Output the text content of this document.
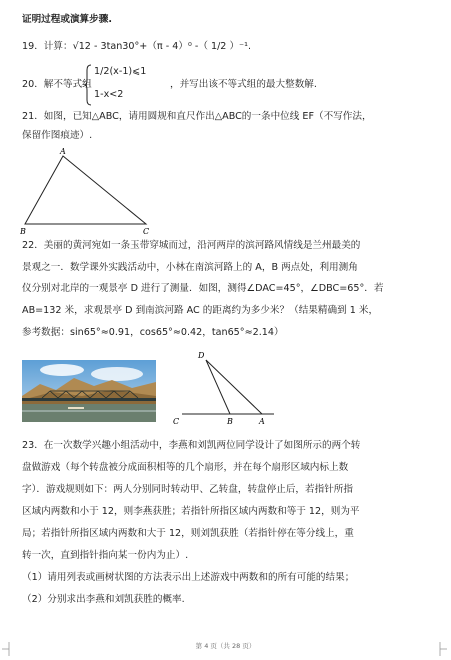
证明过程或演算步骤.
19．计算：√12 - 3tan30°+（π - 4）⁰ -（ 1/2 ）⁻¹.
20．解不等式组
1/2(x-1)⩽1
1-x<2
，并写出该不等式组的最大整数解.
21．如图，已知△ABC，请用圆规和直尺作出△ABC的一条中位线 EF（不写作法，
保留作图痕迹）.
A
B	C
22．美丽的黄河宛如一条玉带穿城而过，沿河两岸的滨河路风情线是兰州最美的
景观之一．数学课外实践活动中，小林在南滨河路上的 A，B 两点处，利用测角
仪分别对北岸的一观景亭 D 进行了测量．如图，测得∠DAC=45°，∠DBC=65°．若
AB=132 米，求观景亭 D 到南滨河路 AC 的距离约为多少米？（结果精确到 1 米，
参考数据：sin65°≈0.91，cos65°≈0.42，tan65°≈2.14）
D
C	B	A
23．在一次数学兴趣小组活动中，李燕和刘凯两位同学设计了如图所示的两个转
盘做游戏（每个转盘被分成面积相等的几个扇形，并在每个扇形区域内标上数
字）．游戏规则如下：两人分别同时转动甲、乙转盘，转盘停止后，若指针所指
区域内两数和小于 12，则李燕获胜；若指针所指区域内两数和等于 12，则为平
局；若指针所指区域内两数和大于 12，则刘凯获胜（若指针停在等分线上，重
转一次，直到指针指向某一份内为止）.
（1）请用列表或画树状图的方法表示出上述游戏中两数和的所有可能的结果；
（2）分别求出李燕和刘凯获胜的概率.
第 4 页（共 28 页）
